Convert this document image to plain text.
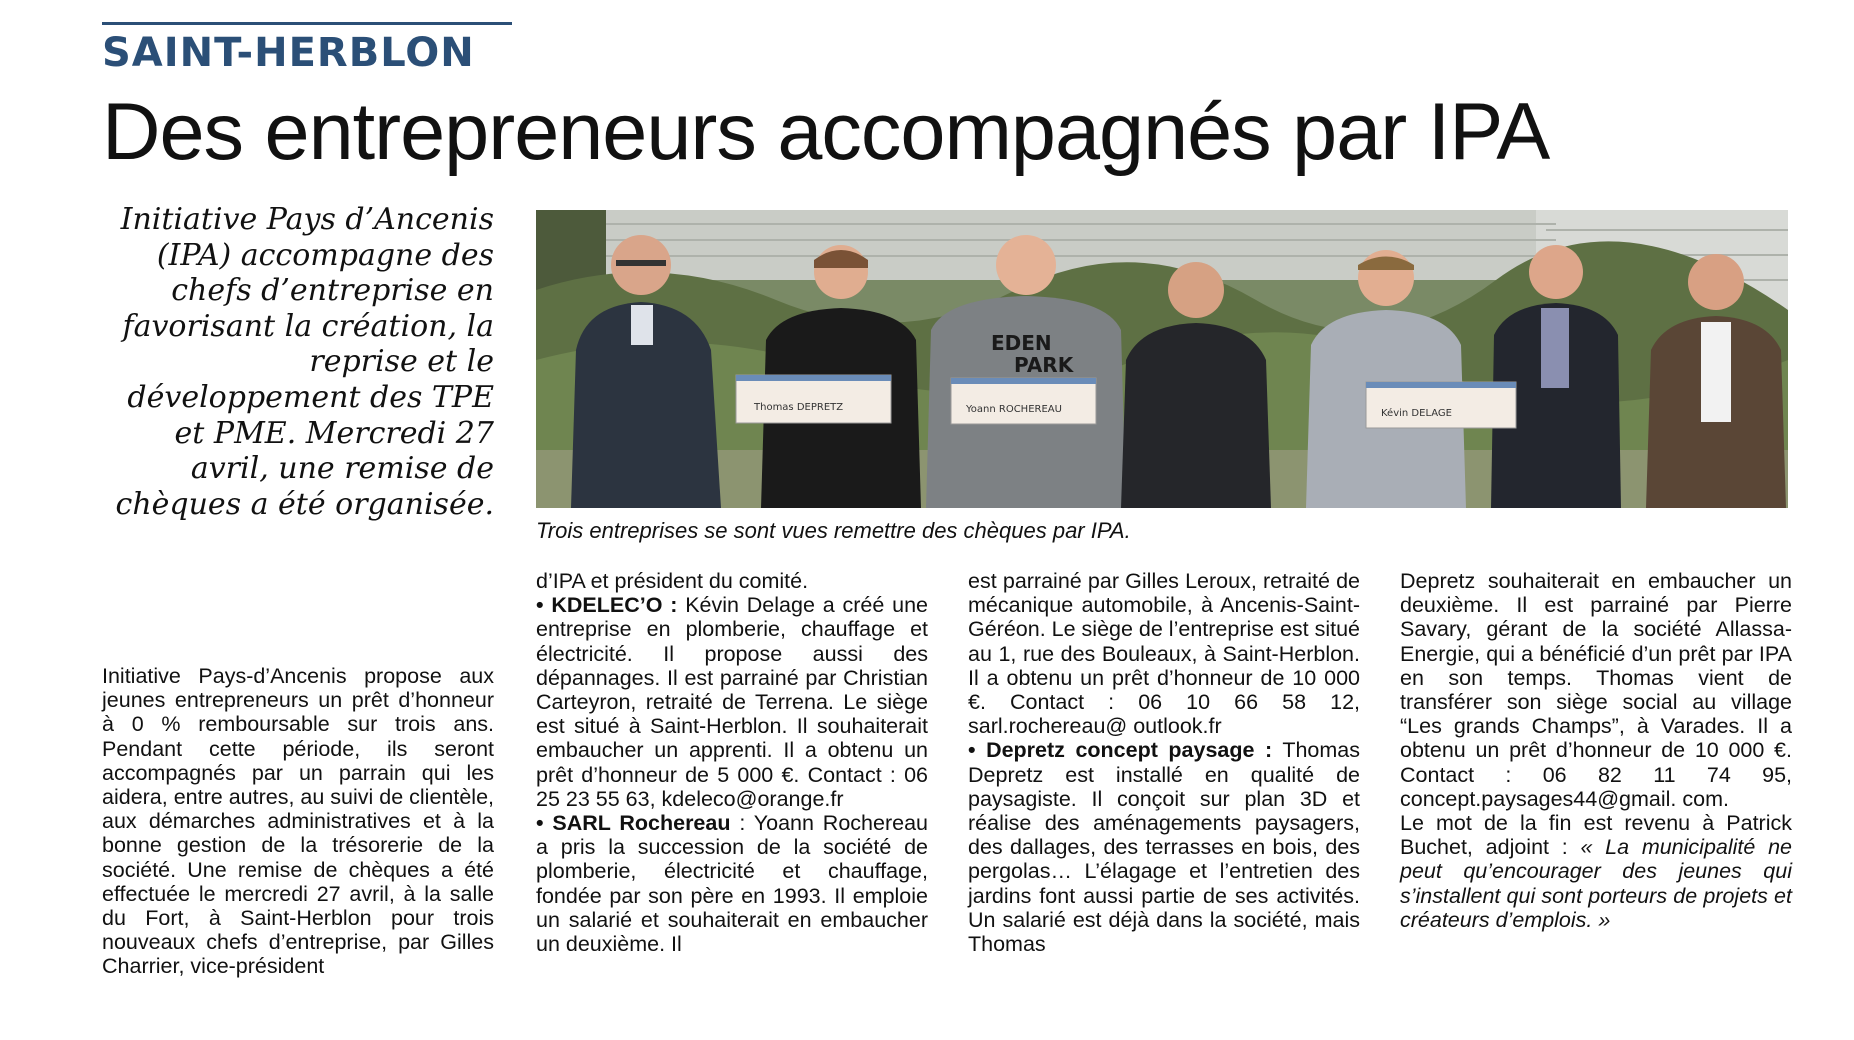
SAINT-HERBLON
Des entrepreneurs accompagnés par IPA

Initiative Pays d’Ancenis (IPA) accompagne des chefs d’entreprise en favorisant la création, la reprise et le développement des TPE et PME. Mercredi 27 avril, une remise de chèques a été organisée.

EDEN
PARK
Thomas DEPRETZ	Yoann ROCHEREAU	Kévin DELAGE

Trois entreprises se sont vues remettre des chèques par IPA.

Initiative Pays-d’Ancenis propose aux jeunes entrepreneurs un prêt d’honneur à 0 % remboursable sur trois ans. Pendant cette période, ils seront accompagnés par un parrain qui les aidera, entre autres, au suivi de clientèle, aux démarches administratives et à la bonne gestion de la trésorerie de la société. Une remise de chèques a été effectuée le mercredi 27 avril, à la salle du Fort, à Saint-Herblon pour trois nouveaux chefs d’entreprise, par Gilles Charrier, vice-président

d’IPA et président du comité.

• KDELEC’O : Kévin Delage a créé une entreprise en plomberie, chauffage et électricité. Il propose aussi des dépannages. Il est parrainé par Christian Carteyron, retraité de Terrena. Le siège est situé à Saint-Herblon. Il souhaiterait embaucher un apprenti. Il a obtenu un prêt d’honneur de 5 000 €. Contact : 06 25 23 55 63, kdeleco@orange.fr

• SARL Rochereau : Yoann Rochereau a pris la succession de la société de plomberie, électricité et chauffage, fondée par son père en 1993. Il emploie un salarié et souhaiterait en embaucher un deuxième. Il

est parrainé par Gilles Leroux, retraité de mécanique automobile, à Ancenis-Saint-Géréon. Le siège de l’entreprise est situé au 1, rue des Bouleaux, à Saint-Herblon. Il a obtenu un prêt d’honneur de 10 000 €. Contact : 06 10 66 58 12, sarl.rochereau@ outlook.fr

• Depretz concept paysage : Thomas Depretz est installé en qualité de paysagiste. Il conçoit sur plan 3D et réalise des aménagements paysagers, des dallages, des terrasses en bois, des pergolas… L’élagage et l’entretien des jardins font aussi partie de ses activités. Un salarié est déjà dans la société, mais Thomas

Depretz souhaiterait en embaucher un deuxième. Il est parrainé par Pierre Savary, gérant de la société Allassa-Energie, qui a bénéficié d’un prêt par IPA en son temps. Thomas vient de transférer son siège social au village “Les grands Champs”, à Varades. Il a obtenu un prêt d’honneur de 10 000 €. Contact : 06 82 11 74 95, concept.paysages44@gmail. com.

Le mot de la fin est revenu à Patrick Buchet, adjoint : « La municipalité ne peut qu’encourager des jeunes qui s’installent qui sont porteurs de projets et créateurs d’emplois. »
